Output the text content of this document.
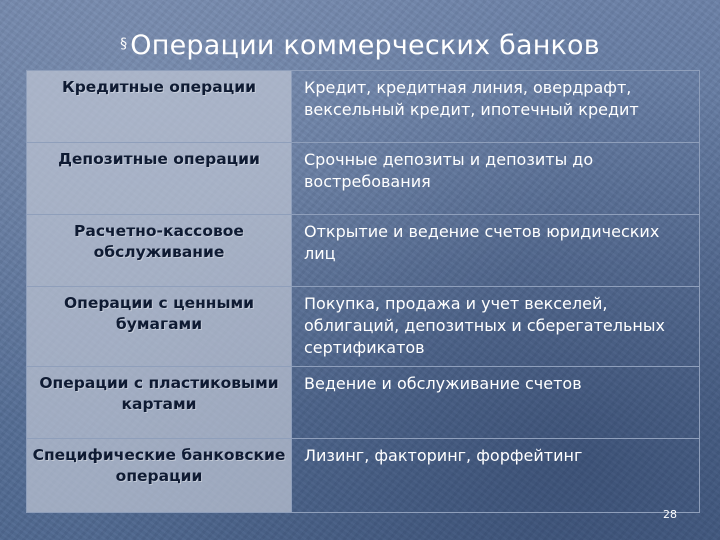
§ Операции коммерческих банков
Кредитные операции	Кредит, кредитная линия, овердрафт, вексельный кредит, ипотечный кредит
Депозитные операции	Срочные депозиты и депозиты до востребования
Расчетно-кассовое обслуживание	Открытие и ведение счетов юридических лиц
Операции с ценными бумагами	Покупка, продажа и учет векселей, облигаций, депозитных и сберегательных сертификатов
Операции с пластиковыми картами	Ведение и обслуживание счетов
Специфические банковские операции	Лизинг, факторинг, форфейтинг
28
